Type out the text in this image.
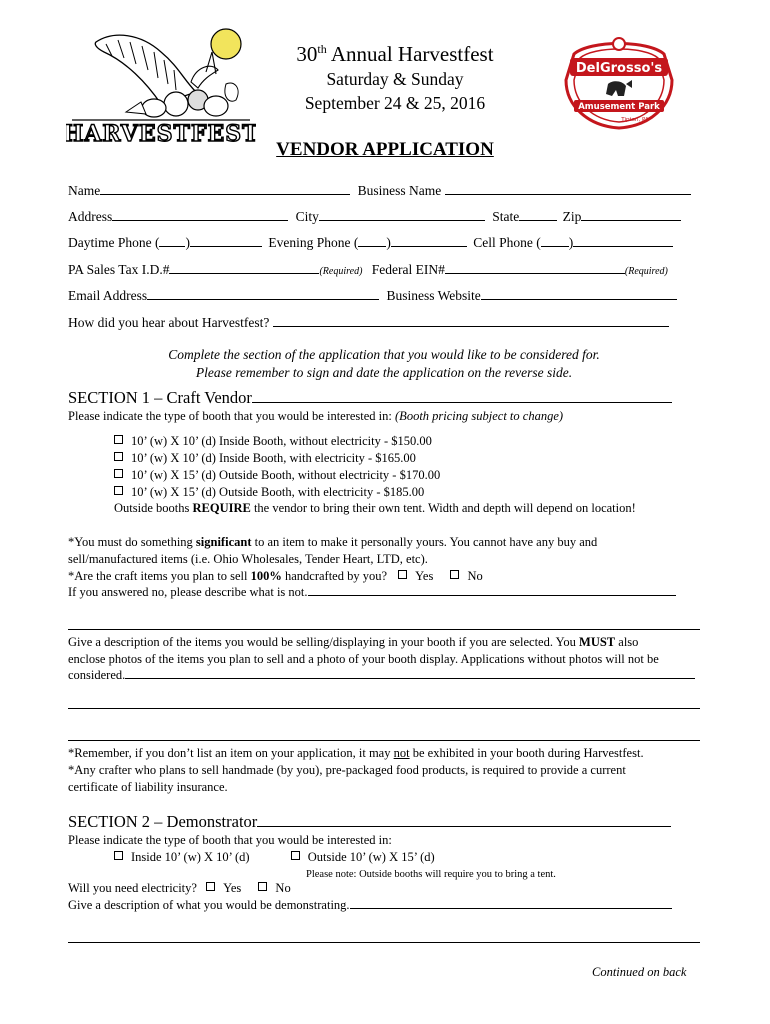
HARVESTFEST
30th Annual Harvestfest
Saturday & Sunday
September 24 & 25, 2016
DelGrosso's
Amusement Park
Tipton, PA
VENDOR APPLICATION
Name	Business Name
Address	City	State	Zip
Daytime Phone ( )	Evening Phone ( )	Cell Phone ( )
PA Sales Tax I.D.#	(Required) Federal EIN#	(Required)
Email Address	Business Website
How did you hear about Harvestfest?
Complete the section of the application that you would like to be considered for.
Please remember to sign and date the application on the reverse side.
SECTION 1 – Craft Vendor
Please indicate the type of booth that you would be interested in: (Booth pricing subject to change)
10’ (w) X 10’ (d) Inside Booth, without electricity - $150.00
10’ (w) X 10’ (d) Inside Booth, with electricity - $165.00
10’ (w) X 15’ (d) Outside Booth, without electricity - $170.00
10’ (w) X 15’ (d) Outside Booth, with electricity - $185.00
Outside booths REQUIRE the vendor to bring their own tent. Width and depth will depend on location!
*You must do something significant to an item to make it personally yours. You cannot have any buy and
sell/manufactured items (i.e. Ohio Wholesales, Tender Heart, LTD, etc).
*Are the craft items you plan to sell 100% handcrafted by you? Yes	No
If you answered no, please describe what is not.
Give a description of the items you would be selling/displaying in your booth if you are selected. You MUST also
enclose photos of the items you plan to sell and a photo of your booth display. Applications without photos will not be
considered.
*Remember, if you don’t list an item on your application, it may not be exhibited in your booth during Harvestfest.
*Any crafter who plans to sell handmade (by you), pre-packaged food products, is required to provide a current
certificate of liability insurance.
SECTION 2 – Demonstrator
Please indicate the type of booth that you would be interested in:
Inside 10’ (w) X 10’ (d)	Outside 10’ (w) X 15’ (d)
Please note: Outside booths will require you to bring a tent.
Will you need electricity? Yes	No
Give a description of what you would be demonstrating.
Continued on back
